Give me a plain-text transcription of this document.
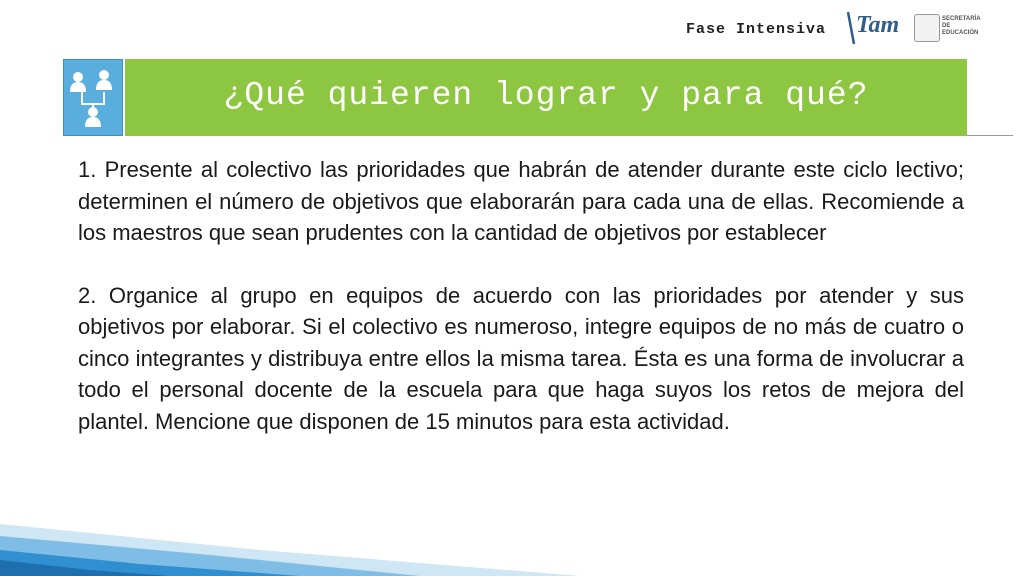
Fase Intensiva Tam	SECRETARÍA DE EDUCACIÓN
¿Qué quieren lograr y para qué?

1. Presente al colectivo las prioridades que habrán de atender durante este ciclo lectivo; determinen el número de objetivos que elaborarán para cada una de ellas. Recomiende a los maestros que sean prudentes con la cantidad de objetivos por establecer

2. Organice al grupo en equipos de acuerdo con las prioridades por atender y sus objetivos por elaborar. Si el colectivo es numeroso, integre equipos de no más de cuatro o cinco integrantes y distribuya entre ellos la misma tarea. Ésta es una forma de involucrar a todo el personal docente de la escuela para que haga suyos los retos de mejora del plantel. Mencione que disponen de 15 minutos para esta actividad.
